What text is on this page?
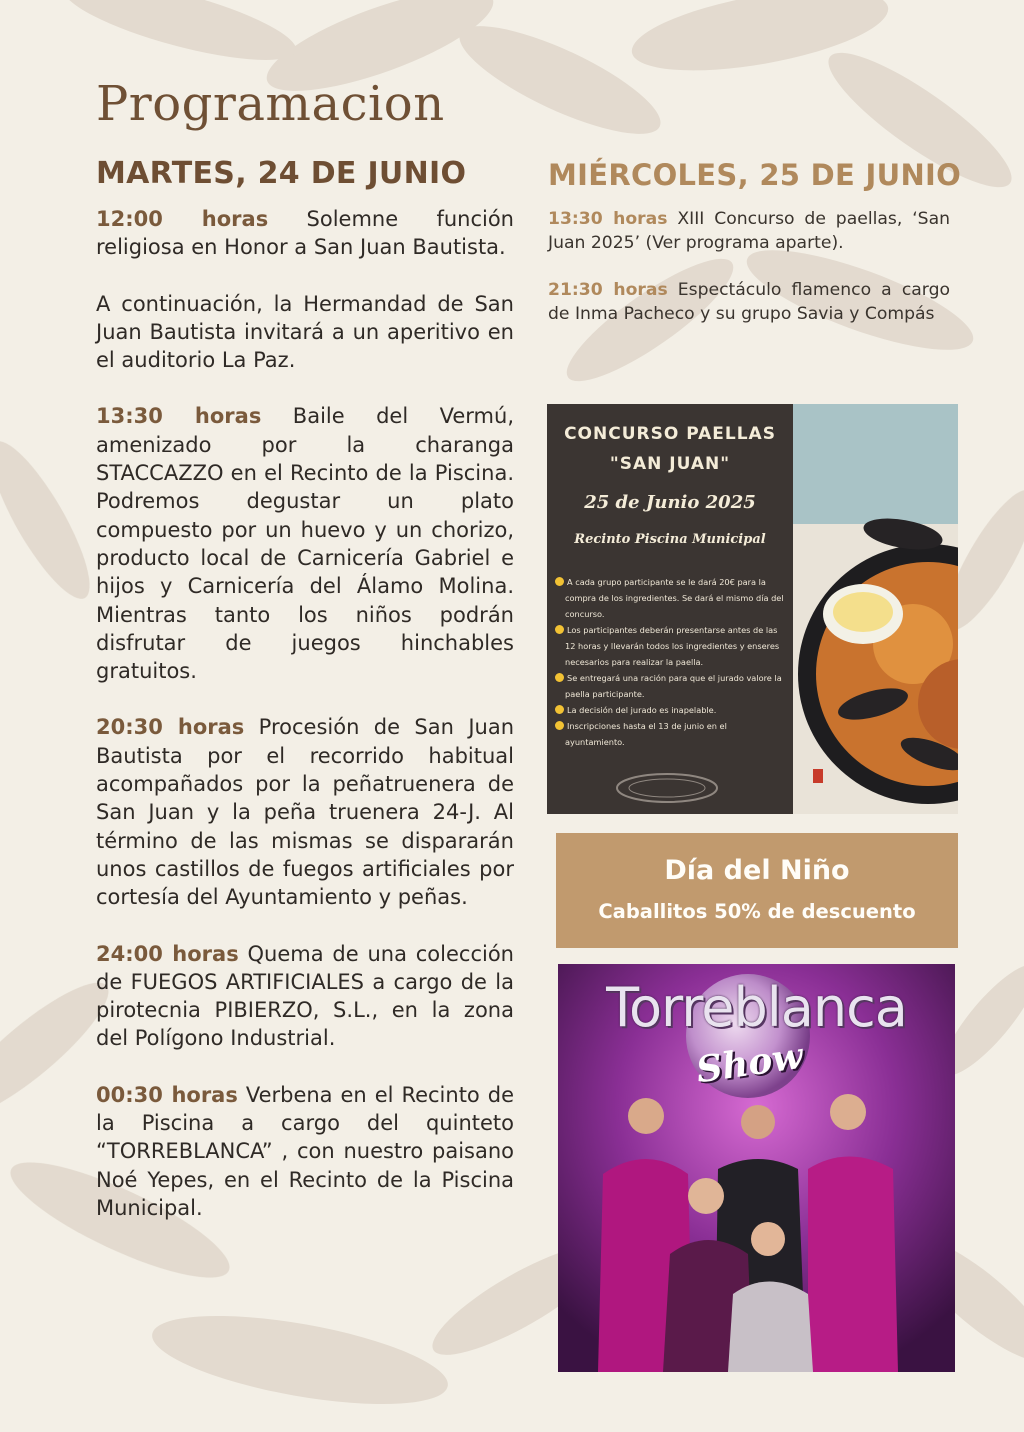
Programacion
MARTES, 24 DE JUNIO	MIÉRCOLES, 25 DE JUNIO

12:00 horas Solemne función religiosa en Honor a San Juan Bautista.

A continuación, la Hermandad de San Juan Bautista invitará a un aperitivo en el auditorio La Paz.

13:30 horas Baile del Vermú, amenizado por la charanga STACCAZZO en el Recinto de la Piscina. Podremos degustar un plato compuesto por un huevo y un chorizo, producto local de Carnicería Gabriel e hijos y Carnicería del Álamo Molina. Mientras tanto los niños podrán disfrutar de juegos hinchables gratuitos.

20:30 horas Procesión de San Juan Bautista por el recorrido habitual acompañados por la peñatruenera de San Juan y la peña truenera 24-J. Al término de las mismas se dispararán unos castillos de fuegos artificiales por cortesía del Ayuntamiento y peñas.

24:00 horas Quema de una colección de FUEGOS ARTIFICIALES a cargo de la pirotecnia PIBIERZO, S.L., en la zona del Polígono Industrial.

00:30 horas Verbena en el Recinto de la Piscina a cargo del quinteto “TORREBLANCA” , con nuestro paisano Noé Yepes, en el Recinto de la Piscina Municipal.

13:30 horas XIII Concurso de paellas, ‘San Juan 2025’ (Ver programa aparte).

21:30 horas Espectáculo flamenco a cargo de Inma Pacheco y su grupo Savia y Compás

CONCURSO PAELLAS

"SAN JUAN"

25 de Junio 2025

Recinto Piscina Municipal

A cada grupo participante se le dará 20€ para la compra de los ingredientes. Se dará el mismo día del concurso.
Los participantes deberán presentarse antes de las 12 horas y llevarán todos los ingredientes y enseres necesarios para realizar la paella.
Se entregará una ración para que el jurado valore la paella participante.
La decisión del jurado es inapelable.
Inscripciones hasta el 13 de junio en el ayuntamiento.

Día del Niño

Caballitos 50% de descuento

Torreblanca

Show
